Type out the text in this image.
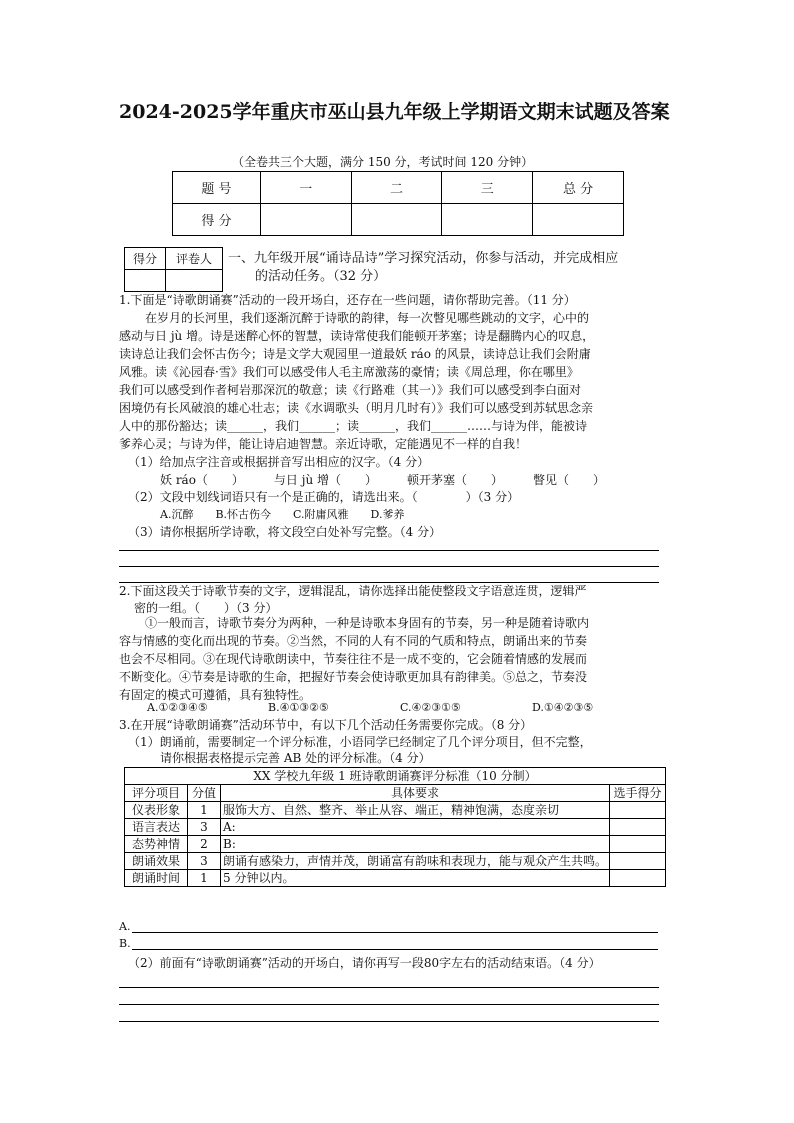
2024-2025学年重庆市巫山县九年级上学期语文期末试题及答案
（全卷共三个大题，满分 150 分，考试时间 120 分钟）
题 号	一	二	三	总 分
得 分				
得分	评卷人
	一、九年级开展“诵诗品诗”学习探究活动，你参与活动，并完成相应
的活动任务。（32 分）
1.下面是“诗歌朗诵赛”活动的一段开场白，还存在一些问题，请你帮助完善。（11 分）
在岁月的长河里，我们逐渐沉醉于诗歌的韵律，每一次瞥见哪些跳动的文字，心中的
感动与日 jù 增。诗是迷醉心怀的智慧，读诗常使我们能顿开茅塞；诗是翻腾内心的叹息，
读诗总让我们会怀古伤今；诗是文学大观园里一道最妖 ráo 的风景，读诗总让我们会附庸
风雅。读《沁园春·雪》我们可以感受伟人毛主席激荡的豪情；读《周总理，你在哪里》
我们可以感受到作者柯岩那深沉的敬意；读《行路难（其一）》我们可以感受到李白面对
困境仍有长风破浪的雄心壮志；读《水调歌头（明月几时有）》我们可以感受到苏轼思念亲
人中的那份豁达；读______，我们______；读______，我们______……与诗为伴，能被诗
爹养心灵；与诗为伴，能让诗启迪智慧。亲近诗歌，定能遇见不一样的自我！
（1）给加点字注音或根据拼音写出相应的汉字。（4 分）
妖 ráo（　　）　　　与日 jù 增（　　）　　　顿开茅塞（　　）　　　瞥见（　　）
（2）文段中划线词语只有一个是正确的，请选出来。（　　　　）（3 分）
A.沉醉　　B.怀古伤今　　C.附庸风雅　　D.爹养
（3）请你根据所学诗歌，将文段空白处补写完整。（4 分）
2.下面这段关于诗歌节奏的文字，逻辑混乱，请你选择出能使整段文字语意连贯，逻辑严
密的一组。（　　）（3 分）
①一般而言，诗歌节奏分为两种，一种是诗歌本身固有的节奏，另一种是随着诗歌内
容与情感的变化而出现的节奏。②当然，不同的人有不同的气质和特点，朗诵出来的节奏
也会不尽相同。③在现代诗歌朗读中，节奏往往不是一成不变的，它会随着情感的发展而
不断变化。④节奏是诗歌的生命，把握好节奏会使诗歌更加具有韵律美。⑤总之，节奏没
有固定的模式可遵循，具有独特性。
A.①②③④⑤	B.④①③②⑤	C.④②③①⑤	D.①④②③⑤
3.在开展“诗歌朗诵赛”活动环节中，有以下几个活动任务需要你完成。（8 分）
（1）朗诵前，需要制定一个评分标准，小语同学已经制定了几个评分项目，但不完整，
请你根据表格提示完善 AB 处的评分标准。（4 分）
XX 学校九年级 1 班诗歌朗诵赛评分标准（10 分制）			
评分项目	分值	具体要求	选手得分
仪表形象	1	服饰大方、自然、整齐、举止从容、端正，精神饱满，态度亲切	
语言表达	3	A:	
态势神情	2	B:	
朗诵效果	3	朗诵有感染力，声情并茂，朗诵富有韵味和表现力，能与观众产生共鸣。	
朗诵时间	1	5 分钟以内。	
A.
B.
（2）前面有“诗歌朗诵赛”活动的开场白，请你再写一段80字左右的活动结束语。（4 分）
